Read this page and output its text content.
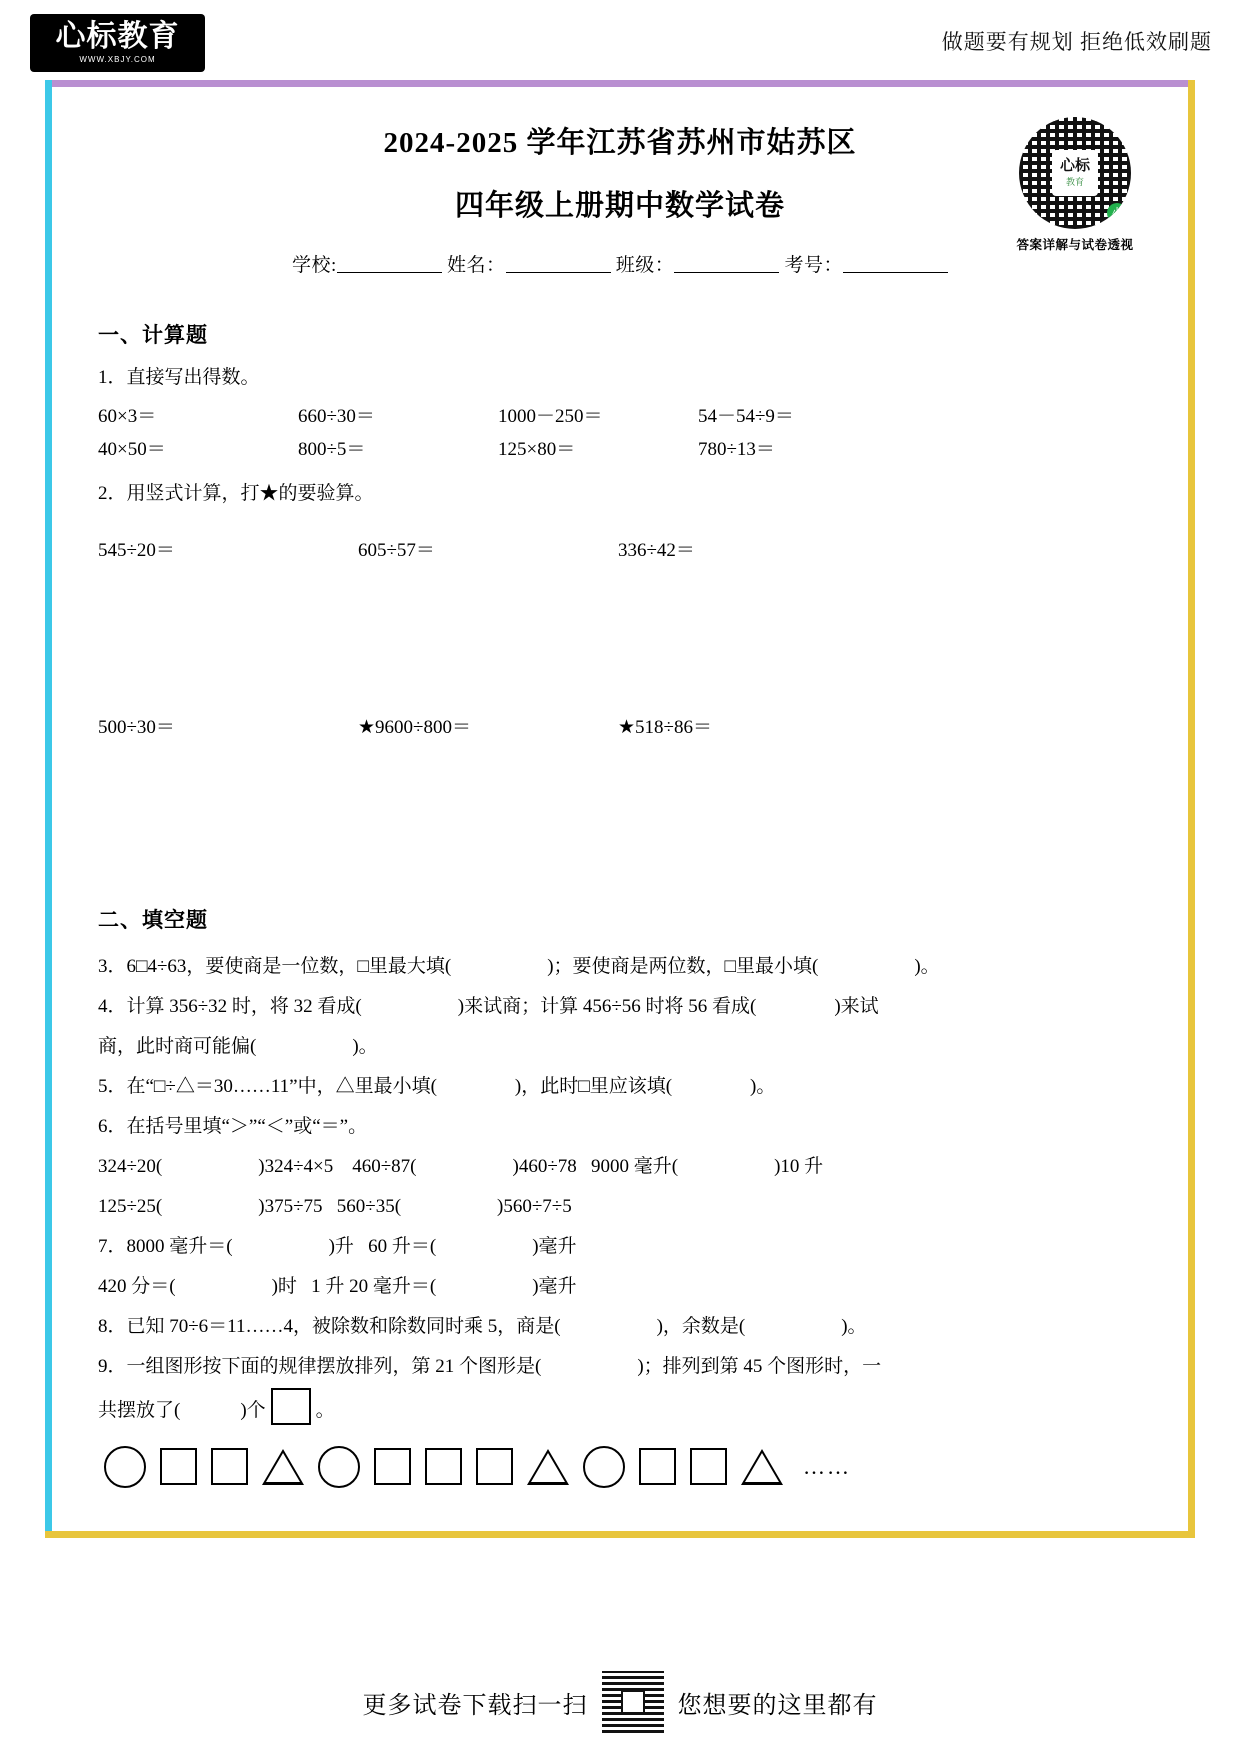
心标教育
WWW.XBJY.COM
做题要有规划 拒绝低效刷题
心标
教育
小
答案详解与试卷透视
2024-2025 学年江苏省苏州市姑苏区
四年级上册期中数学试卷
学校:	姓名：	班级：	考号：
一、计算题
1．直接写出得数。
60×3＝	660÷30＝	1000－250＝	54－54÷9＝
40×50＝	800÷5＝	125×80＝	780÷13＝
2．用竖式计算，打★的要验算。
545÷20＝	605÷57＝	336÷42＝
500÷30＝	★9600÷800＝	★518÷86＝
二、填空题
3．6□4÷63，要使商是一位数，□里最大填(	)；要使商是两位数，□里最小填(	)。
4．计算 356÷32 时，将 32 看成(	)来试商；计算 456÷56 时将 56 看成(	)来试
商，此时商可能偏(	)。
5．在“□÷△＝30……11”中，△里最小填(	)，此时□里应该填(	)。
6．在括号里填“＞”“＜”或“＝”。
324÷20(	)324÷4×5 460÷87(	)460÷78 9000 毫升(	)10 升
125÷25(	)375÷75 560÷35(	)560÷7÷5
7．8000 毫升＝(	)升 60 升＝(	)毫升
420 分＝(	)时 1 升 20 毫升＝(	)毫升
8．已知 70÷6＝11……4，被除数和除数同时乘 5，商是(	)，余数是(	)。
9．一组图形按下面的规律摆放排列，第 21 个图形是(	)；排列到第 45 个图形时，一
共摆放了(	)个	。
……
更多试卷下载扫一扫	您想要的这里都有
